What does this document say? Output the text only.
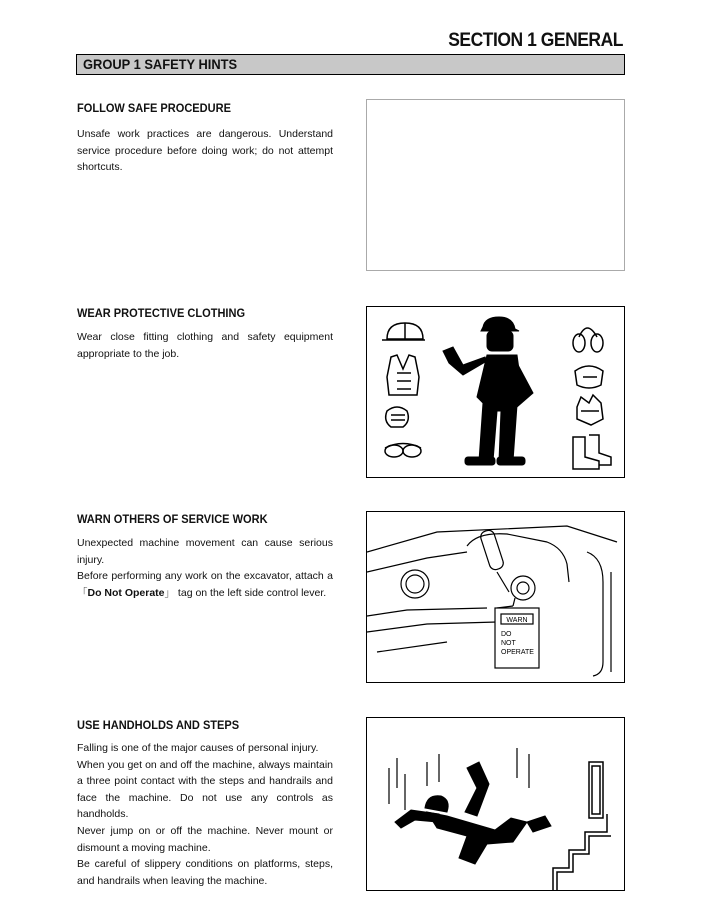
SECTION 1 GENERAL
GROUP 1 SAFETY HINTS
FOLLOW SAFE PROCEDURE

Unsafe work practices are dangerous. Understand service procedure before doing work; do not attempt shortcuts.

WEAR PROTECTIVE CLOTHING

Wear close fitting clothing and safety equipment appropriate to the job.

WARN OTHERS OF SERVICE WORK

Unexpected machine movement can cause serious injury.

Before performing any work on the excavator, attach a 「Do Not Operate」 tag on the left side control lever.

WARN
DO
NOT
OPERATE
USE HANDHOLDS AND STEPS

Falling is one of the major causes of personal injury.

When you get on and off the machine, always maintain a three point contact with the steps and handrails and face the machine. Do not use any controls as handholds.

Never jump on or off the machine. Never mount or dismount a moving machine.

Be careful of slippery conditions on platforms, steps, and handrails when leaving the machine.
